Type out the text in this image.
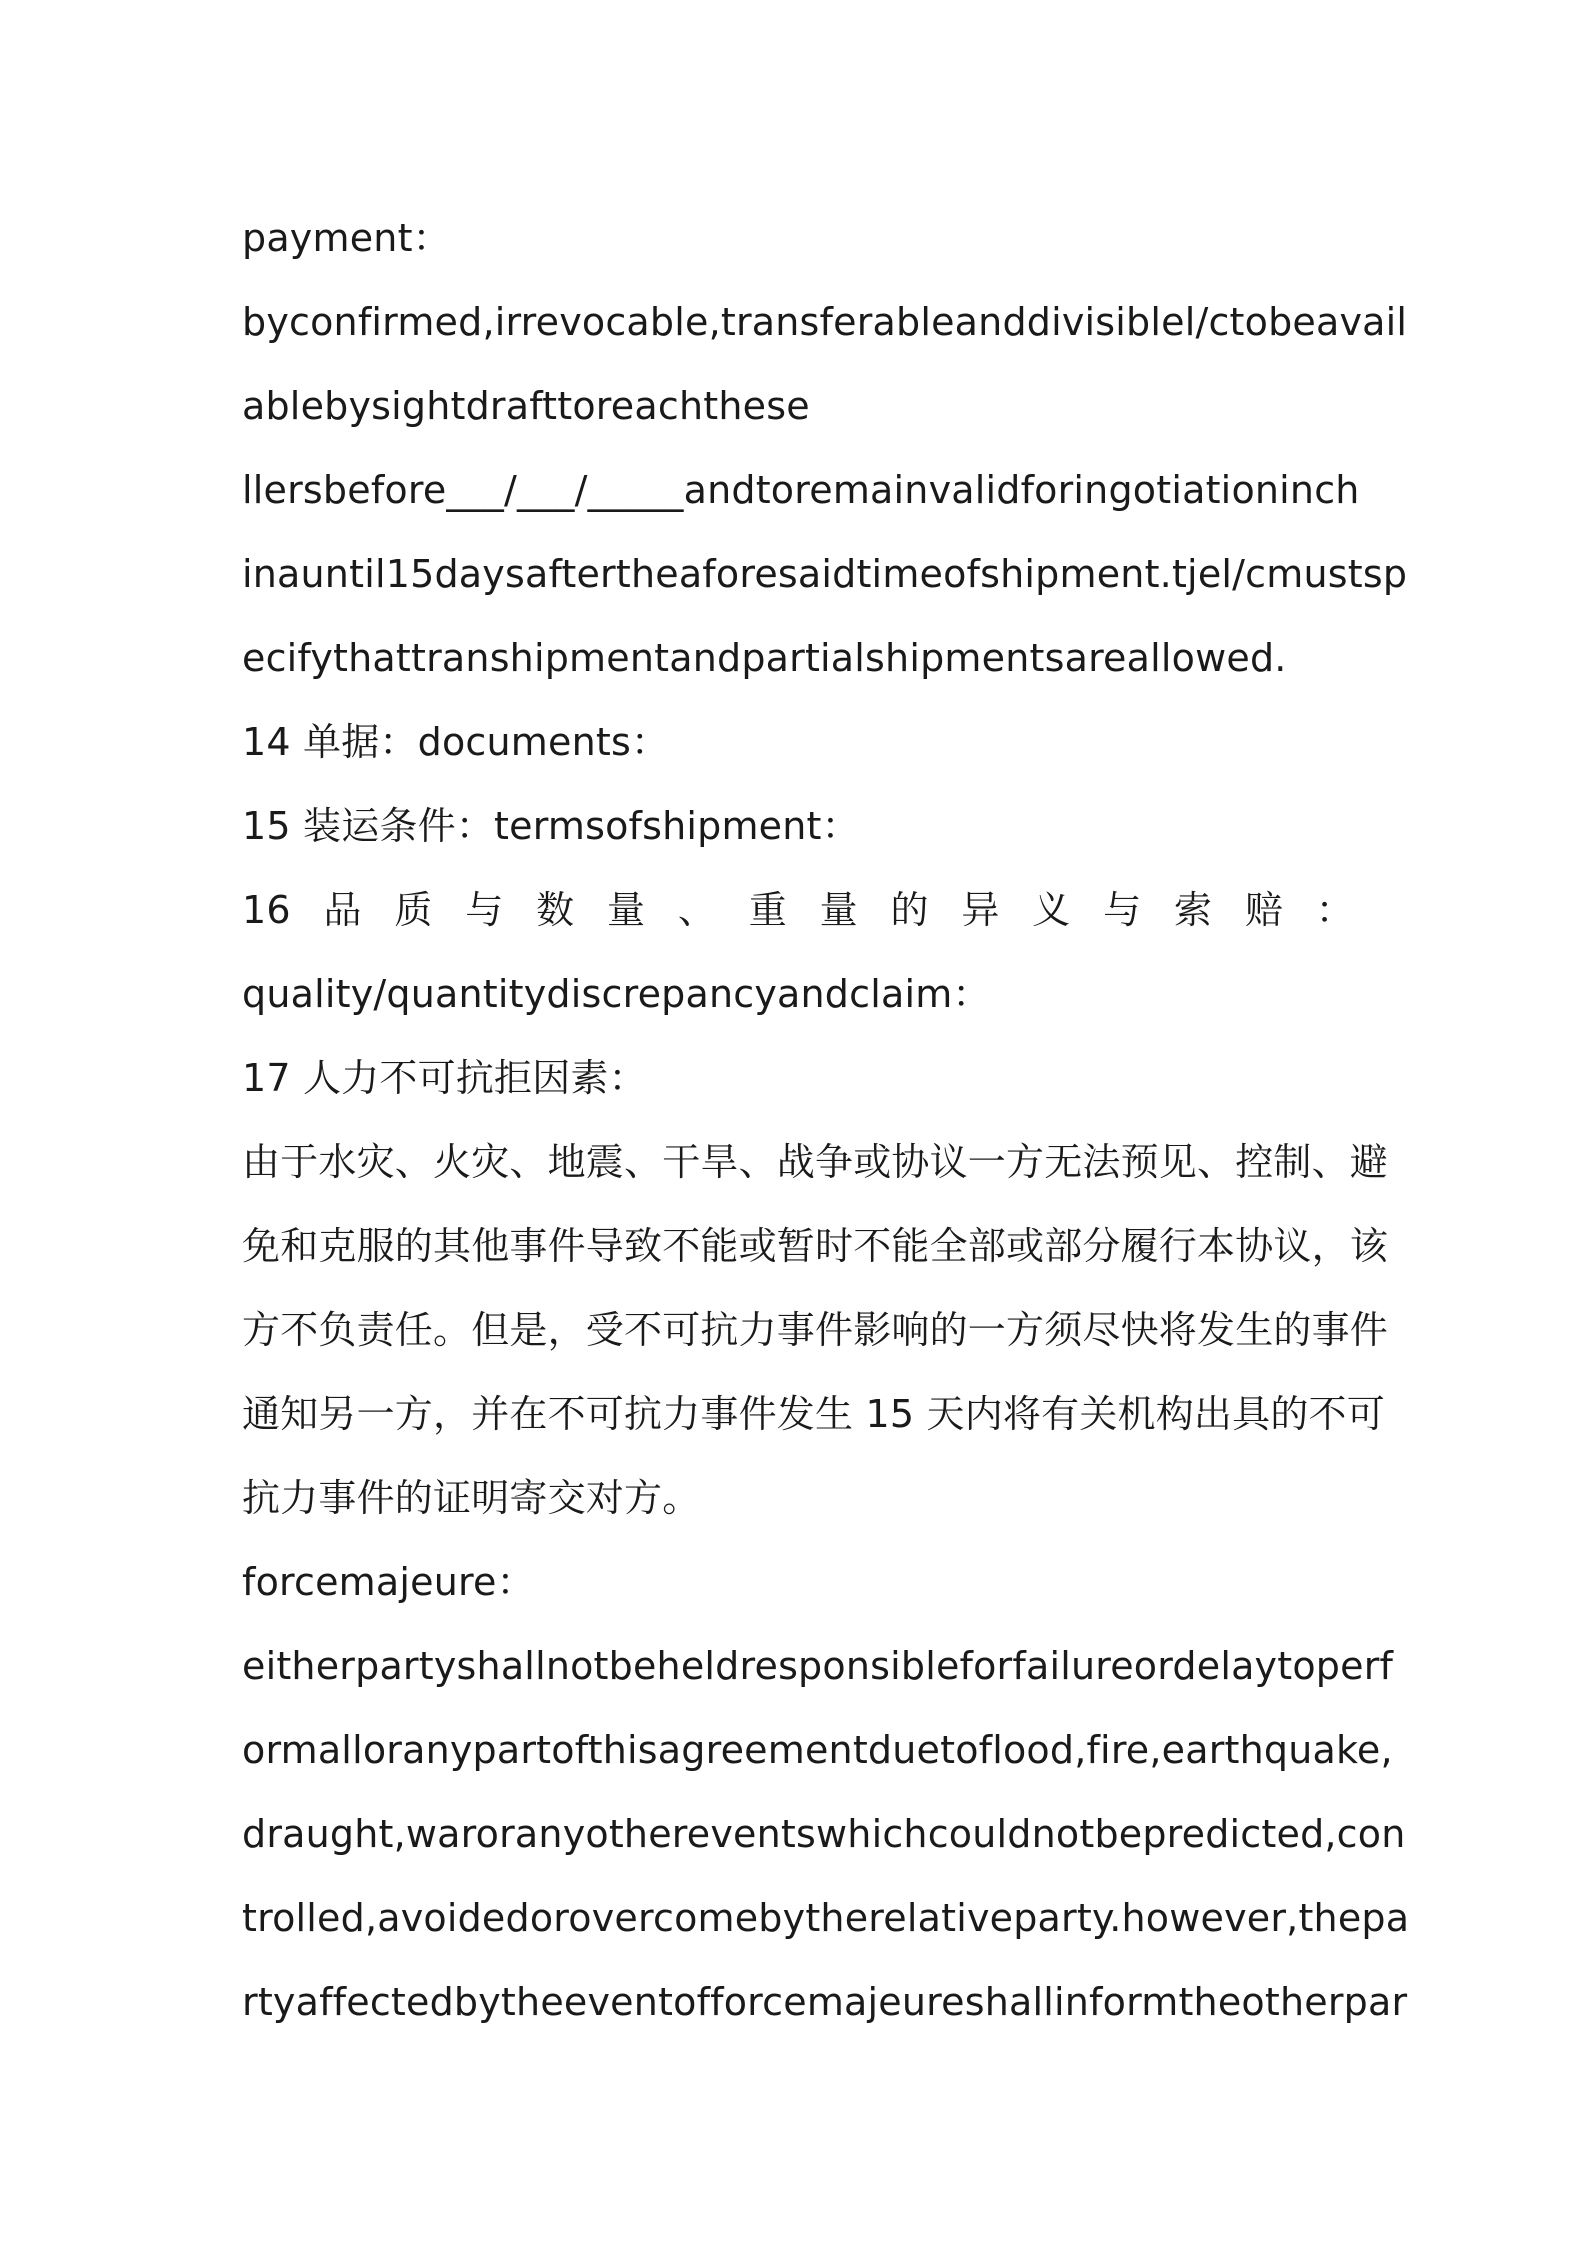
payment：
byconfirmed,irrevocable,transferableanddivisiblel/ctobeavail
ablebysightdrafttoreachthese
llersbefore___/___/_____andtoremainvalidforingotiationinch
inauntil15daysaftertheaforesaidtimeofshipment.tjel/cmustsp
ecifythattranshipmentandpartialshipmentsareallowed.
14 单据：documents：
15 装运条件：termsofshipment：
16 品 质 与 数 量 、 重 量 的 异 义 与 索 赔 ：
quality/quantitydiscrepancyandclaim：
17 人力不可抗拒因素：
由于水灾、火灾、地震、干旱、战争或协议一方无法预见、控制、避
免和克服的其他事件导致不能或暂时不能全部或部分履行本协议，该
方不负责任。但是，受不可抗力事件影响的一方须尽快将发生的事件
通知另一方，并在不可抗力事件发生 15 天内将有关机构出具的不可
抗力事件的证明寄交对方。
forcemajeure：
eitherpartyshallnotbeheldresponsibleforfailureordelaytoperf
ormalloranypartofthisagreementduetoflood,fire,earthquake,
draught,waroranyothereventswhichcouldnotbepredicted,con
trolled,avoidedorovercomebytherelativeparty.however,thepa
rtyaffectedbytheeventofforcemajeureshallinformtheotherpar
